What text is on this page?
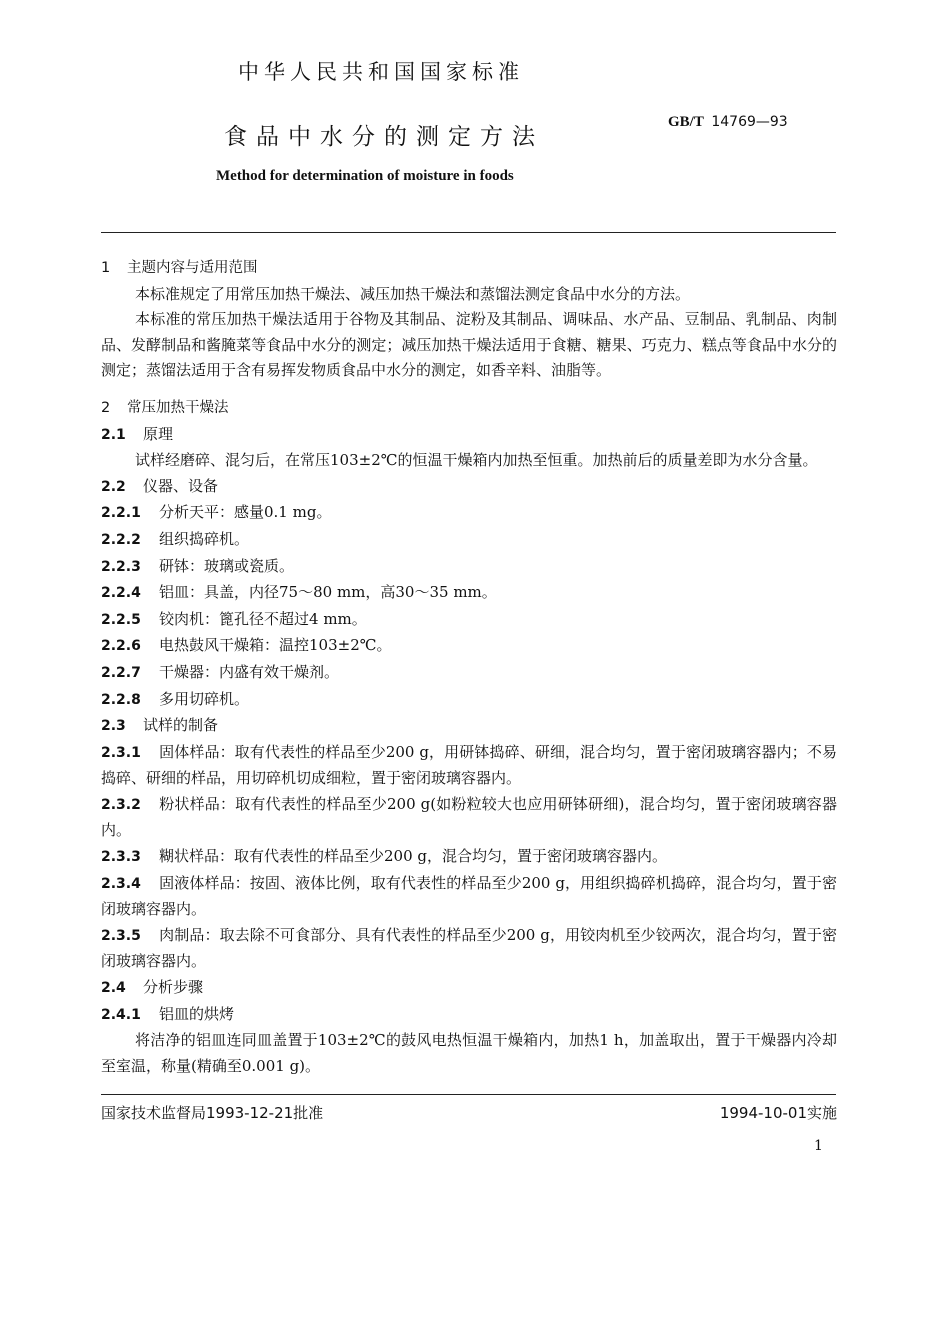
中华人民共和国国家标准
食品中水分的测定方法
GB/T 14769—93
Method for determination of moisture in foods

1 主题内容与适用范围

本标准规定了用常压加热干燥法、减压加热干燥法和蒸馏法测定食品中水分的方法。

本标准的常压加热干燥法适用于谷物及其制品、淀粉及其制品、调味品、水产品、豆制品、乳制品、肉制品、发酵制品和酱腌菜等食品中水分的测定；减压加热干燥法适用于食糖、糖果、巧克力、糕点等食品中水分的测定；蒸馏法适用于含有易挥发物质食品中水分的测定，如香辛料、油脂等。

2 常压加热干燥法

2.1 原理

试样经磨碎、混匀后，在常压103±2℃的恒温干燥箱内加热至恒重。加热前后的质量差即为水分含量。

2.2 仪器、设备

2.2.1 分析天平：感量0.1 mg。

2.2.2 组织捣碎机。

2.2.3 研钵：玻璃或瓷质。

2.2.4 铝皿：具盖，内径75～80 mm，高30～35 mm。

2.2.5 铰肉机：篦孔径不超过4 mm。

2.2.6 电热鼓风干燥箱：温控103±2℃。

2.2.7 干燥器：内盛有效干燥剂。

2.2.8 多用切碎机。

2.3 试样的制备

2.3.1 固体样品：取有代表性的样品至少200 g，用研钵捣碎、研细，混合均匀，置于密闭玻璃容器内；不易捣碎、研细的样品，用切碎机切成细粒，置于密闭玻璃容器内。

2.3.2 粉状样品：取有代表性的样品至少200 g(如粉粒较大也应用研钵研细)，混合均匀，置于密闭玻璃容器内。

2.3.3 糊状样品：取有代表性的样品至少200 g，混合均匀，置于密闭玻璃容器内。

2.3.4 固液体样品：按固、液体比例，取有代表性的样品至少200 g，用组织捣碎机捣碎，混合均匀，置于密闭玻璃容器内。

2.3.5 肉制品：取去除不可食部分、具有代表性的样品至少200 g，用铰肉机至少铰两次，混合均匀，置于密闭玻璃容器内。

2.4 分析步骤

2.4.1 铝皿的烘烤

将洁净的铝皿连同皿盖置于103±2℃的鼓风电热恒温干燥箱内，加热1 h，加盖取出，置于干燥器内冷却至室温，称量(精确至0.001 g)。

国家技术监督局1993-12-21批准	1994-10-01实施
1
